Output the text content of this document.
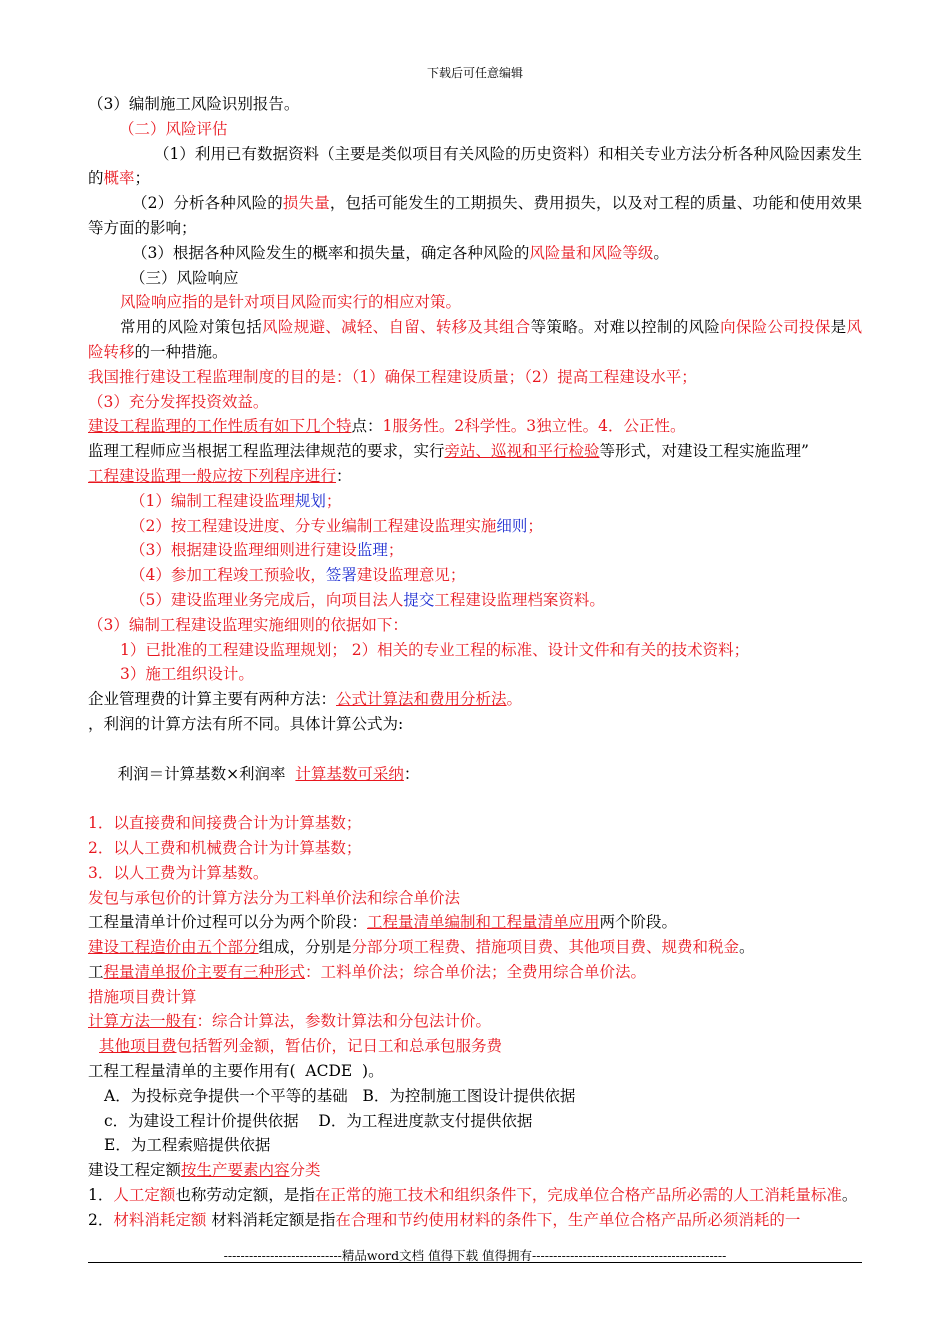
下载后可任意编辑
（3）编制施工风险识别报告。
（二）风险评估
（1）利用已有数据资料（主要是类似项目有关风险的历史资料）和相关专业方法分析各种风险因素发生的概率；
（2）分析各种风险的损失量，包括可能发生的工期损失、费用损失，以及对工程的质量、功能和使用效果等方面的影响；
（3）根据各种风险发生的概率和损失量，确定各种风险的风险量和风险等级。
（三）风险响应
风险响应指的是针对项目风险而实行的相应对策。
常用的风险对策包括风险规避、减轻、自留、转移及其组合等策略。对难以控制的风险向保险公司投保是风险转移的一种措施。
我国推行建设工程监理制度的目的是：（1）确保工程建设质量；（2）提高工程建设水平；
（3）充分发挥投资效益。
建设工程监理的工作性质有如下几个特点：1服务性。2科学性。3独立性。4．公正性。
监理工程师应当根据工程监理法律规范的要求，实行旁站、巡视和平行检验等形式，对建设工程实施监理”
工程建设监理一般应按下列程序进行：
（1）编制工程建设监理规划；
（2）按工程建设进度、分专业编制工程建设监理实施细则；
（3）根据建设监理细则进行建设监理；
（4）参加工程竣工预验收，签署建设监理意见；
（5）建设监理业务完成后，向项目法人提交工程建设监理档案资料。
（3）编制工程建设监理实施细则的依据如下：
1）已批准的工程建设监理规划； 2）相关的专业工程的标准、设计文件和有关的技术资料；
3）施工组织设计。
企业管理费的计算主要有两种方法：公式计算法和费用分析法。
，利润的计算方法有所不同。具体计算公式为:

利润＝计算基数×利润率  计算基数可采纳：

1．以直接费和间接费合计为计算基数；
2．以人工费和机械费合计为计算基数；
3．以人工费为计算基数。
发包与承包价的计算方法分为工料单价法和综合单价法
工程量清单计价过程可以分为两个阶段：工程量清单编制和工程量清单应用两个阶段。
建设工程造价由五个部分组成，分别是分部分项工程费、措施项目费、其他项目费、规费和税金。
工程量清单报价主要有三种形式：工料单价法；综合单价法；全费用综合单价法。
措施项目费计算
计算方法一般有：综合计算法，参数计算法和分包法计价。
其他项目费包括暂列金额，暂估价，记日工和总承包服务费
工程工程量清单的主要作用有(  ACDE  )。
A．为投标竞争提供一个平等的基础   B．为控制施工图设计提供依据
c．为建设工程计价提供依据    D．为工程进度款支付提供依据
E．为工程索赔提供依据
建设工程定额按生产要素内容分类
1．人工定额也称劳动定额，是指在正常的施工技术和组织条件下，完成单位合格产品所必需的人工消耗量标准。
2．材料消耗定额 材料消耗定额是指在合理和节约使用材料的条件下，生产单位合格产品所必须消耗的一
----------------------------精品word文档 值得下载 值得拥有----------------------------------------------
